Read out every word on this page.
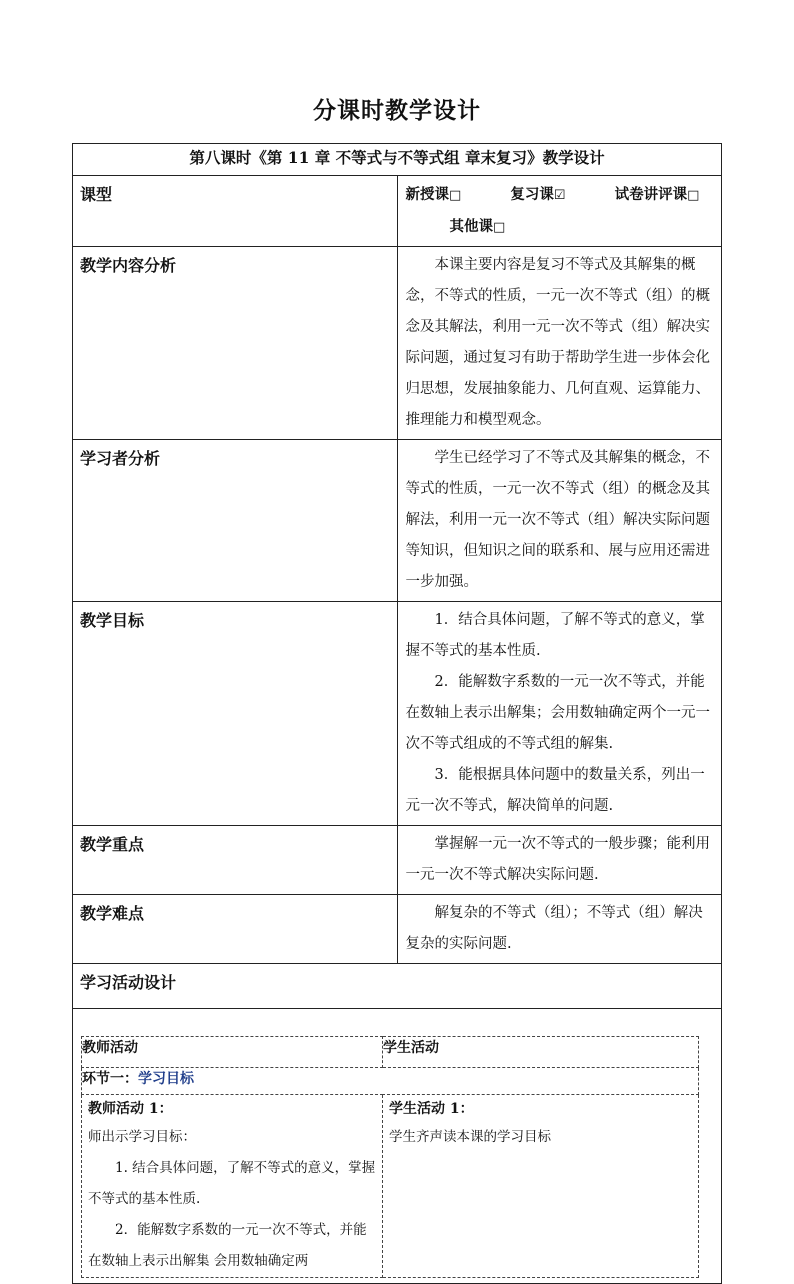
分课时教学设计
第八课时《第 11 章 不等式与不等式组 章末复习》教学设计
课型	新授课□	复习课☑	试卷讲评课□ 其他课□
教学内容分析	本课主要内容是复习不等式及其解集的概念，不等式的性质，一元一次不等式（组）的概念及其解法，利用一元一次不等式（组）解决实际问题，通过复习有助于帮助学生进一步体会化归思想，发展抽象能力、几何直观、运算能力、推理能力和模型观念。

学习者分析	学生已经学习了不等式及其解集的概念，不等式的性质，一元一次不等式（组）的概念及其解法，利用一元一次不等式（组）解决实际问题等知识，但知识之间的联系和、展与应用还需进一步加强。

教学目标	1．结合具体问题，了解不等式的意义，掌握不等式的基本性质.
2．能解数字系数的一元一次不等式，并能在数轴上表示出解集；会用数轴确定两个一元一次不等式组成的不等式组的解集.
3．能根据具体问题中的数量关系，列出一元一次不等式，解决简单的问题.

教学重点	掌握解一元一次不等式的一般步骤；能利用一元一次不等式解决实际问题.

教学难点	解复杂的不等式（组）；不等式（组）解决复杂的实际问题.

学习活动设计

教师活动	学生活动
环节一：学习目标

教师活动 1：
师出示学习目标：
1. 结合具体问题，了解不等式的意义，掌握不等式的基本性质.
2．能解数字系数的一元一次不等式，并能在数轴上表示出解集 会用数轴确定两

学生活动 1：
学生齐声读本课的学习目标
